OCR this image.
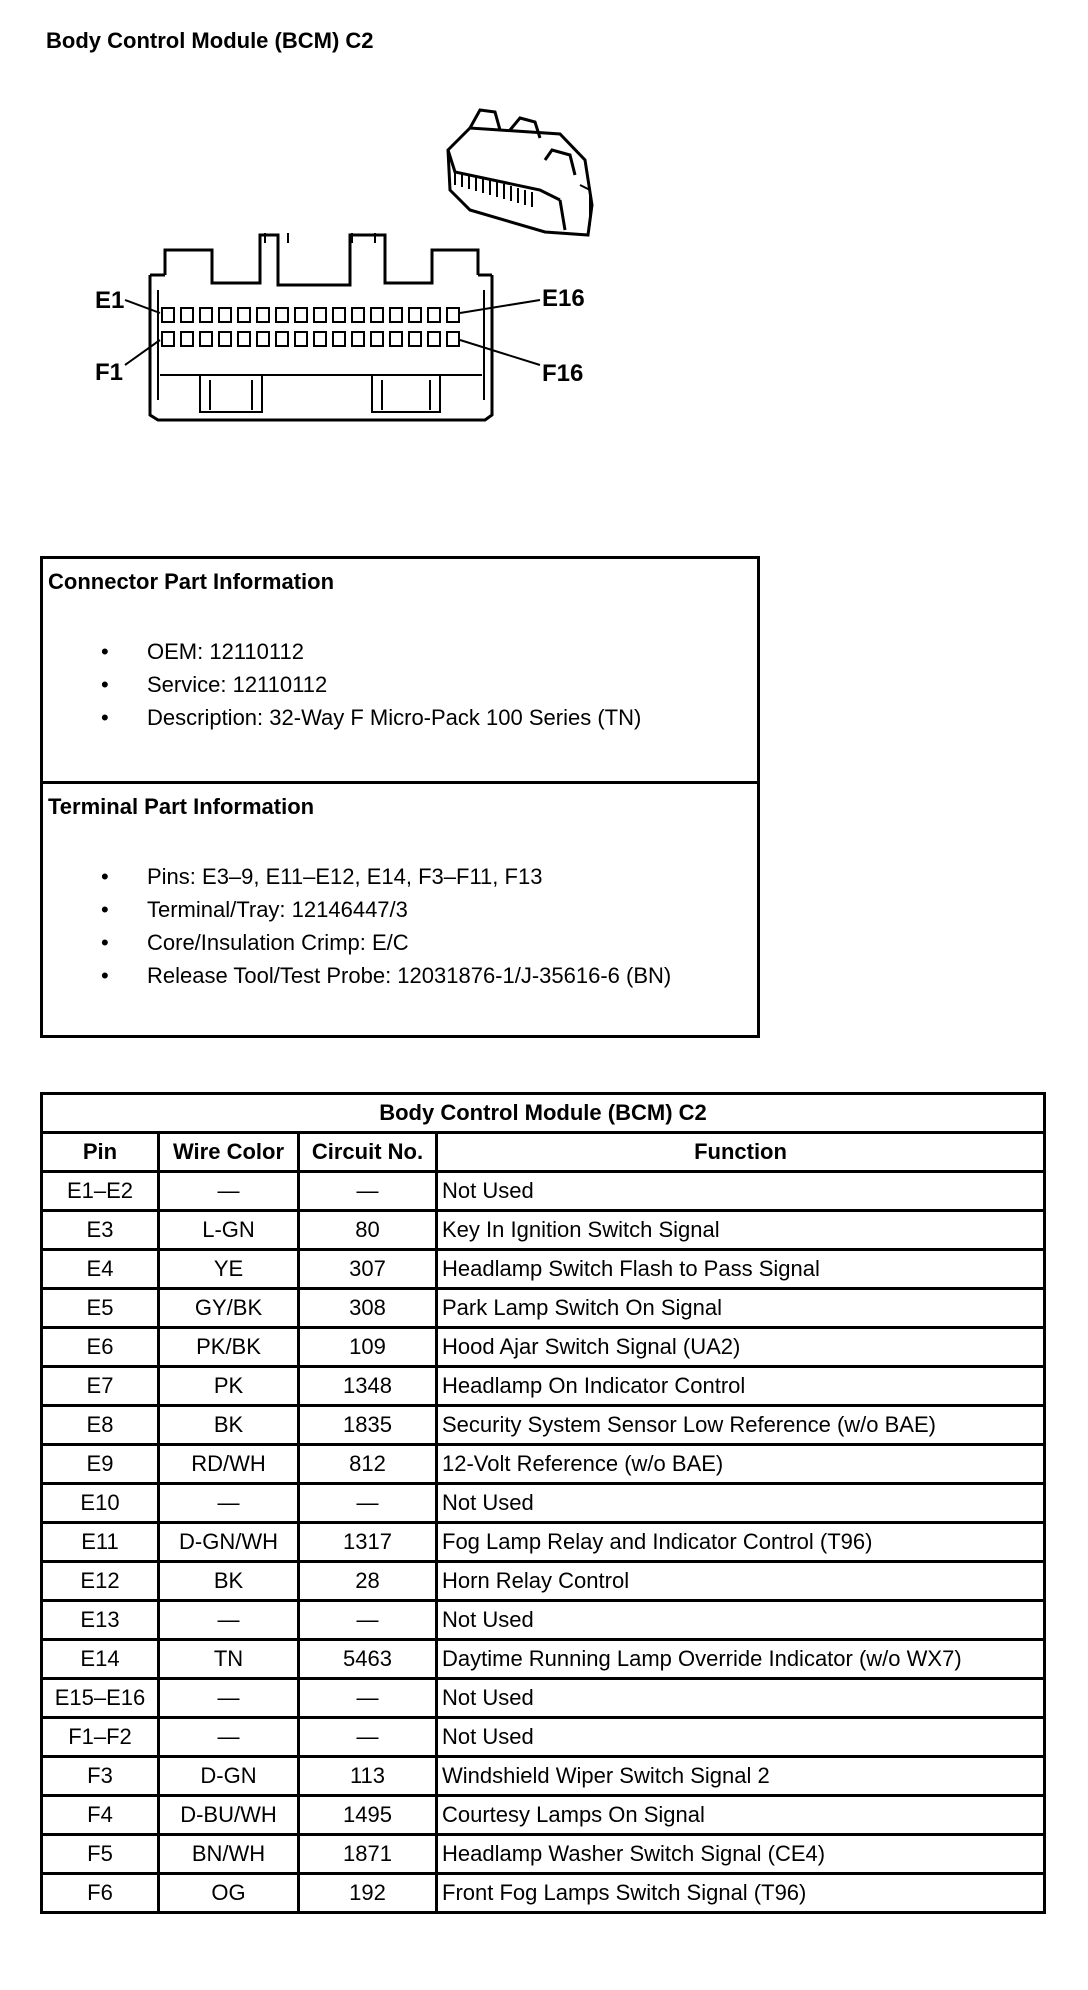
Body Control Module (BCM) C2
E1
F1
E16
F16
Connector Part Information
• OEM: 12110112
• Service: 12110112
• Description: 32-Way F Micro-Pack 100 Series (TN)
Terminal Part Information
• Pins: E3–9, E11–E12, E14, F3–F11, F13
• Terminal/Tray: 12146447/3
• Core/Insulation Crimp: E/C
• Release Tool/Test Probe: 12031876-1/J-35616-6 (BN)
Body Control Module (BCM) C2			
Pin	Wire Color	Circuit No.	Function
E1–E2	—	—	Not Used
E3	L-GN	80	Key In Ignition Switch Signal
E4	YE	307	Headlamp Switch Flash to Pass Signal
E5	GY/BK	308	Park Lamp Switch On Signal
E6	PK/BK	109	Hood Ajar Switch Signal (UA2)
E7	PK	1348	Headlamp On Indicator Control
E8	BK	1835	Security System Sensor Low Reference (w/o BAE)
E9	RD/WH	812	12-Volt Reference (w/o BAE)
E10	—	—	Not Used
E11	D-GN/WH	1317	Fog Lamp Relay and Indicator Control (T96)
E12	BK	28	Horn Relay Control
E13	—	—	Not Used
E14	TN	5463	Daytime Running Lamp Override Indicator (w/o WX7)
E15–E16	—	—	Not Used
F1–F2	—	—	Not Used
F3	D-GN	113	Windshield Wiper Switch Signal 2
F4	D-BU/WH	1495	Courtesy Lamps On Signal
F5	BN/WH	1871	Headlamp Washer Switch Signal (CE4)
F6	OG	192	Front Fog Lamps Switch Signal (T96)
